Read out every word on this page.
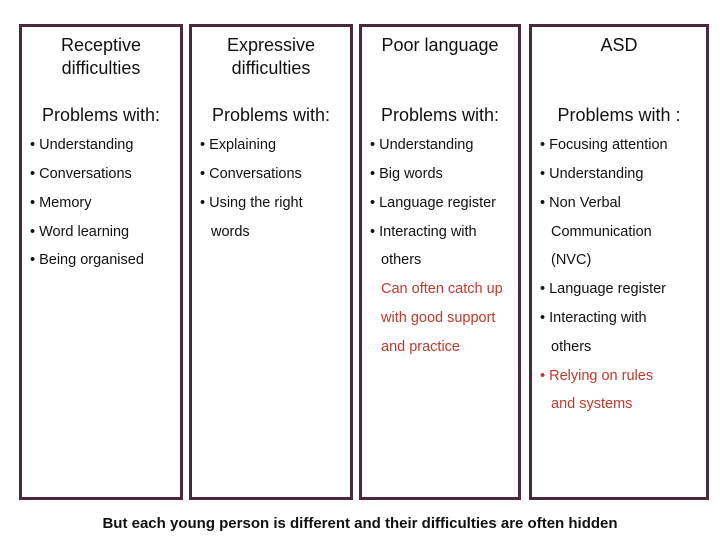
Receptive
difficulties
Problems with:
• Understanding
• Conversations
• Memory
• Word learning
• Being organised
Expressive
difficulties
Problems with:
• Explaining
• Conversations
• Using the right
words
Poor language
Problems with:
• Understanding
• Big words
• Language register
• Interacting with
others
Can often catch up
with good support
and practice
ASD
Problems with :
• Focusing attention
• Understanding
• Non Verbal
Communication
(NVC)
• Language register
• Interacting with
others
• Relying on rules
and systems
But each young person is different and their difficulties are often hidden
